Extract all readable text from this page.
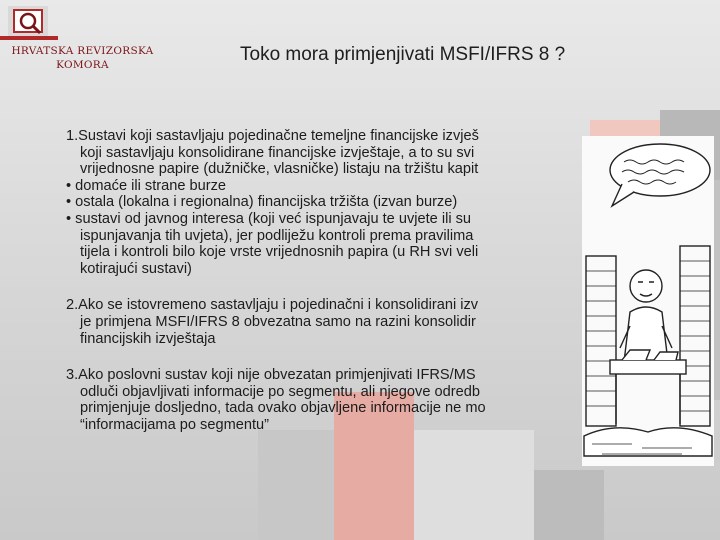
HRVATSKA REVIZORSKA
KOMORA	Toko mora primjenjivati MSFI/IFRS 8 ?
1.Sustavi koji sastavljaju pojedinačne temeljne financijske izvješ
koji sastavljaju konsolidirane financijske izvještaje, a to su svi
vrijednosne papire (dužničke, vlasničke) listaju na tržištu kapit
• domaće ili strane burze
• ostala (lokalna i regionalna) financijska tržišta (izvan burze)
• sustavi od javnog interesa (koji već ispunjavaju te uvjete ili su
ispunjavanja tih uvjeta), jer podliježu kontroli prema pravilima
tijela i kontroli bilo koje vrste vrijednosnih papira (u RH svi veli
kotirajući sustavi)
2.Ako se istovremeno sastavljaju i pojedinačni i konsolidirani izv
je primjena MSFI/IFRS 8 obvezatna samo na razini konsolidir
financijskih izvještaja
3.Ako poslovni sustav koji nije obvezatan primjenjivati IFRS/MS
odluči objavljivati informacije po segmentu, ali njegove odredb
primjenjuje dosljedno, tada ovako objavljene informacije ne mo
“informacijama po segmentu”
